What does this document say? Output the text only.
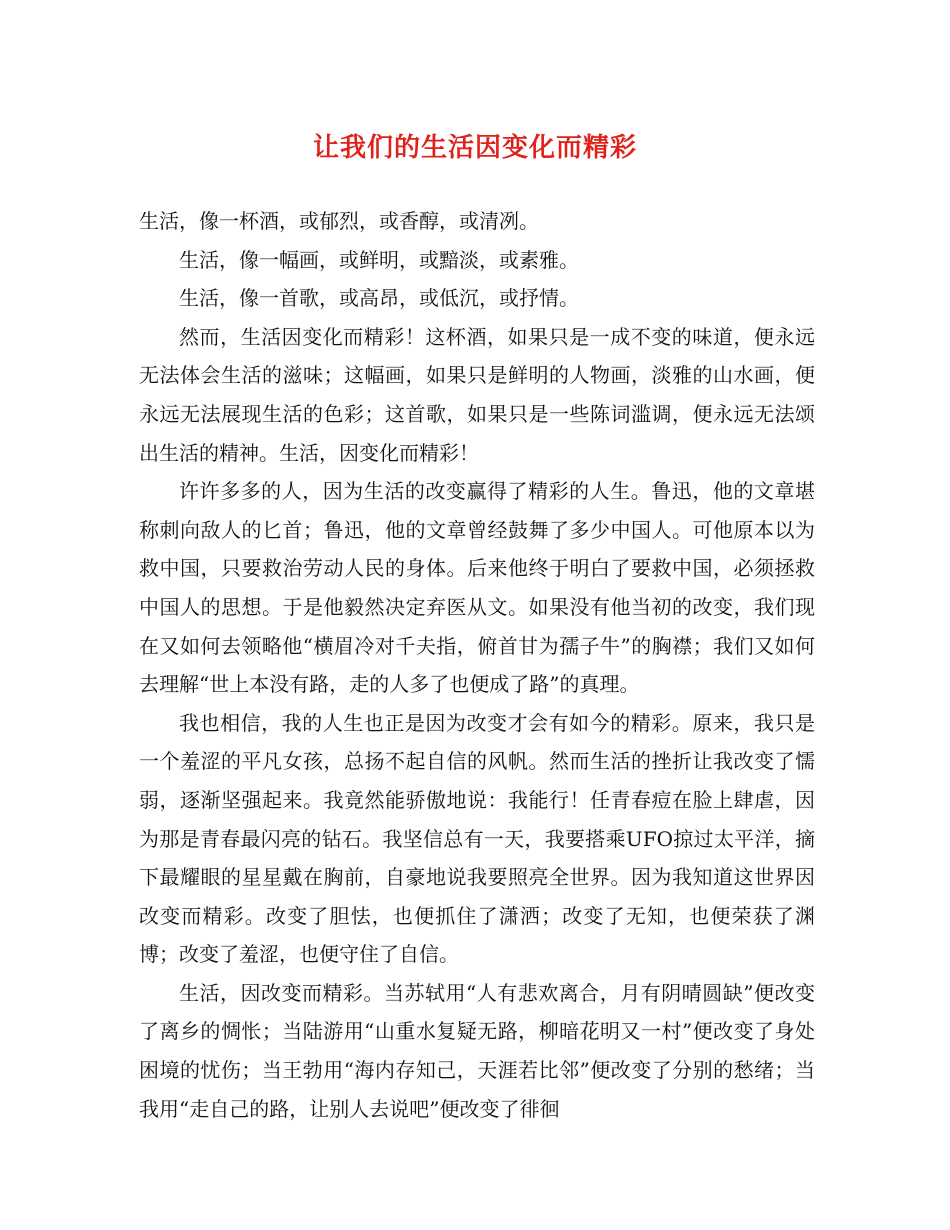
让我们的生活因变化而精彩

生活，像一杯酒，或郁烈，或香醇，或清冽。

生活，像一幅画，或鲜明，或黯淡，或素雅。

生活，像一首歌，或高昂，或低沉，或抒情。

然而，生活因变化而精彩！这杯酒，如果只是一成不变的味道，便永远无法体会生活的滋味；这幅画，如果只是鲜明的人物画，淡雅的山水画，便永远无法展现生活的色彩；这首歌，如果只是一些陈词滥调，便永远无法颂出生活的精神。生活，因变化而精彩！

许许多多的人，因为生活的改变赢得了精彩的人生。鲁迅，他的文章堪称刺向敌人的匕首；鲁迅，他的文章曾经鼓舞了多少中国人。可他原本以为救中国，只要救治劳动人民的身体。后来他终于明白了要救中国，必须拯救中国人的思想。于是他毅然决定弃医从文。如果没有他当初的改变，我们现在又如何去领略他“横眉冷对千夫指，俯首甘为孺子牛”的胸襟；我们又如何去理解“世上本没有路，走的人多了也便成了路”的真理。

我也相信，我的人生也正是因为改变才会有如今的精彩。原来，我只是一个羞涩的平凡女孩，总扬不起自信的风帆。然而生活的挫折让我改变了懦弱，逐渐坚强起来。我竟然能骄傲地说：我能行！任青春痘在脸上肆虐，因为那是青春最闪亮的钻石。我坚信总有一天，我要搭乘UFO掠过太平洋，摘下最耀眼的星星戴在胸前，自豪地说我要照亮全世界。因为我知道这世界因改变而精彩。改变了胆怯，也便抓住了潇洒；改变了无知，也便荣获了渊博；改变了羞涩，也便守住了自信。

生活，因改变而精彩。当苏轼用“人有悲欢离合，月有阴晴圆缺”便改变了离乡的惆怅；当陆游用“山重水复疑无路，柳暗花明又一村”便改变了身处困境的忧伤；当王勃用“海内存知己，天涯若比邻”便改变了分别的愁绪；当我用“走自己的路，让别人去说吧”便改变了徘徊
